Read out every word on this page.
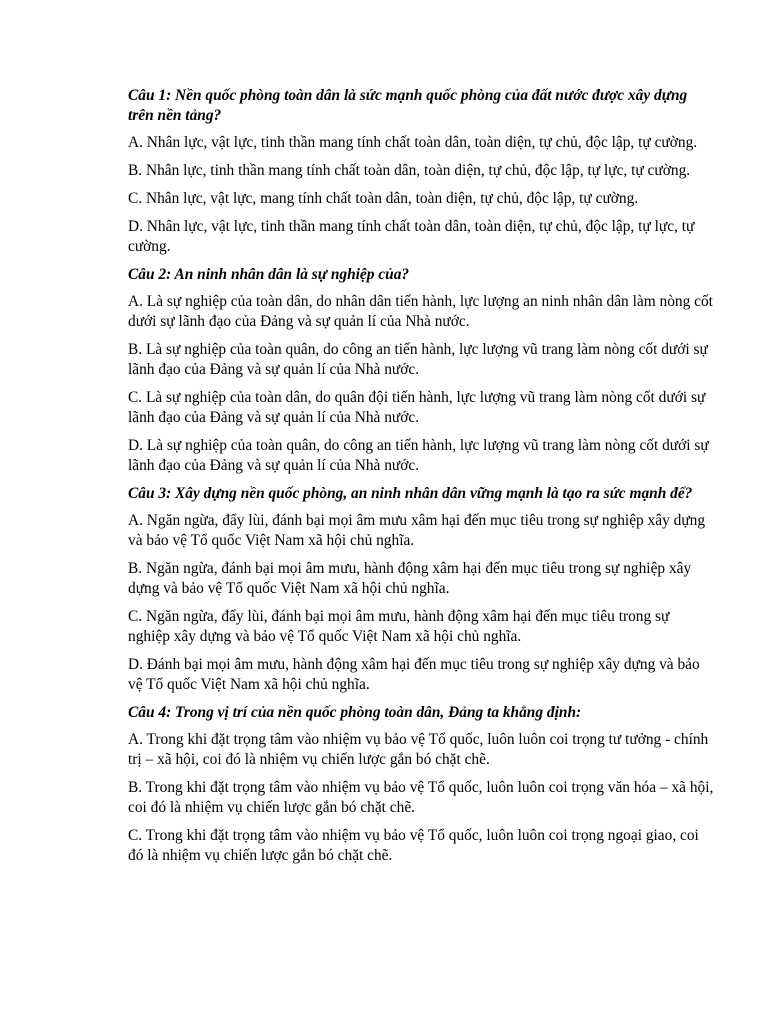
Câu 1: Nền quốc phòng toàn dân là sức mạnh quốc phòng của đất nước được xây dựng trên nền tảng?

A. Nhân lực, vật lực, tinh thần mang tính chất toàn dân, toàn diện, tự chủ, độc lập, tự cường.

B. Nhân lực, tinh thần mang tính chất toàn dân, toàn diện, tự chủ, độc lập, tự lực, tự cường.

C. Nhân lực, vật lực, mang tính chất toàn dân, toàn diện, tự chủ, độc lập, tự cường.

D. Nhân lực, vật lực, tinh thần mang tính chất toàn dân, toàn diện, tự chủ, độc lập, tự lực, tự cường.

Câu 2: An ninh nhân dân là sự nghiệp của?

A. Là sự nghiệp của toàn dân, do nhân dân tiến hành, lực lượng an ninh nhân dân làm nòng cốt dưới sự lãnh đạo của Đảng và sự quản lí của Nhà nước.

B. Là sự nghiệp của toàn quân, do công an tiến hành, lực lượng vũ trang làm nòng cốt dưới sự lãnh đạo của Đảng và sự quản lí của Nhà nước.

C. Là sự nghiệp của toàn dân, do quân đội tiến hành, lực lượng vũ trang làm nòng cốt dưới sự lãnh đạo của Đảng và sự quản lí của Nhà nước.

D. Là sự nghiệp của toàn quân, do công an tiến hành, lực lượng vũ trang làm nòng cốt dưới sự lãnh đạo của Đảng và sự quản lí của Nhà nước.

Câu 3: Xây dựng nền quốc phòng, an ninh nhân dân vững mạnh là tạo ra sức mạnh để?

A. Ngăn ngừa, đẩy lùi, đánh bại mọi âm mưu xâm hại đến mục tiêu trong sự nghiệp xây dựng và bảo vệ Tổ quốc Việt Nam xã hội chủ nghĩa.

B. Ngăn ngừa, đánh bại mọi âm mưu, hành động xâm hại đến mục tiêu trong sự nghiệp xây dựng và bảo vệ Tổ quốc Việt Nam xã hội chủ nghĩa.

C. Ngăn ngừa, đẩy lùi, đánh bại mọi âm mưu, hành động xâm hại đến mục tiêu trong sự nghiệp xây dựng và bảo vệ Tổ quốc Việt Nam xã hội chủ nghĩa.

D. Đánh bại mọi âm mưu, hành động xâm hại đến mục tiêu trong sự nghiệp xây dựng và bảo vệ Tổ quốc Việt Nam xã hội chủ nghĩa.

Câu 4: Trong vị trí của nền quốc phòng toàn dân, Đảng ta khẳng định:

A. Trong khi đặt trọng tâm vào nhiệm vụ bảo vệ Tổ quốc, luôn luôn coi trọng tư tưởng - chính trị – xã hội, coi đó là nhiệm vụ chiến lược gắn bó chặt chẽ.

B. Trong khi đặt trọng tâm vào nhiệm vụ bảo vệ Tổ quốc, luôn luôn coi trọng văn hóa – xã hội, coi đó là nhiệm vụ chiến lược gắn bó chặt chẽ.

C. Trong khi đặt trọng tâm vào nhiệm vụ bảo vệ Tổ quốc, luôn luôn coi trọng ngoại giao, coi đó là nhiệm vụ chiến lược gắn bó chặt chẽ.
